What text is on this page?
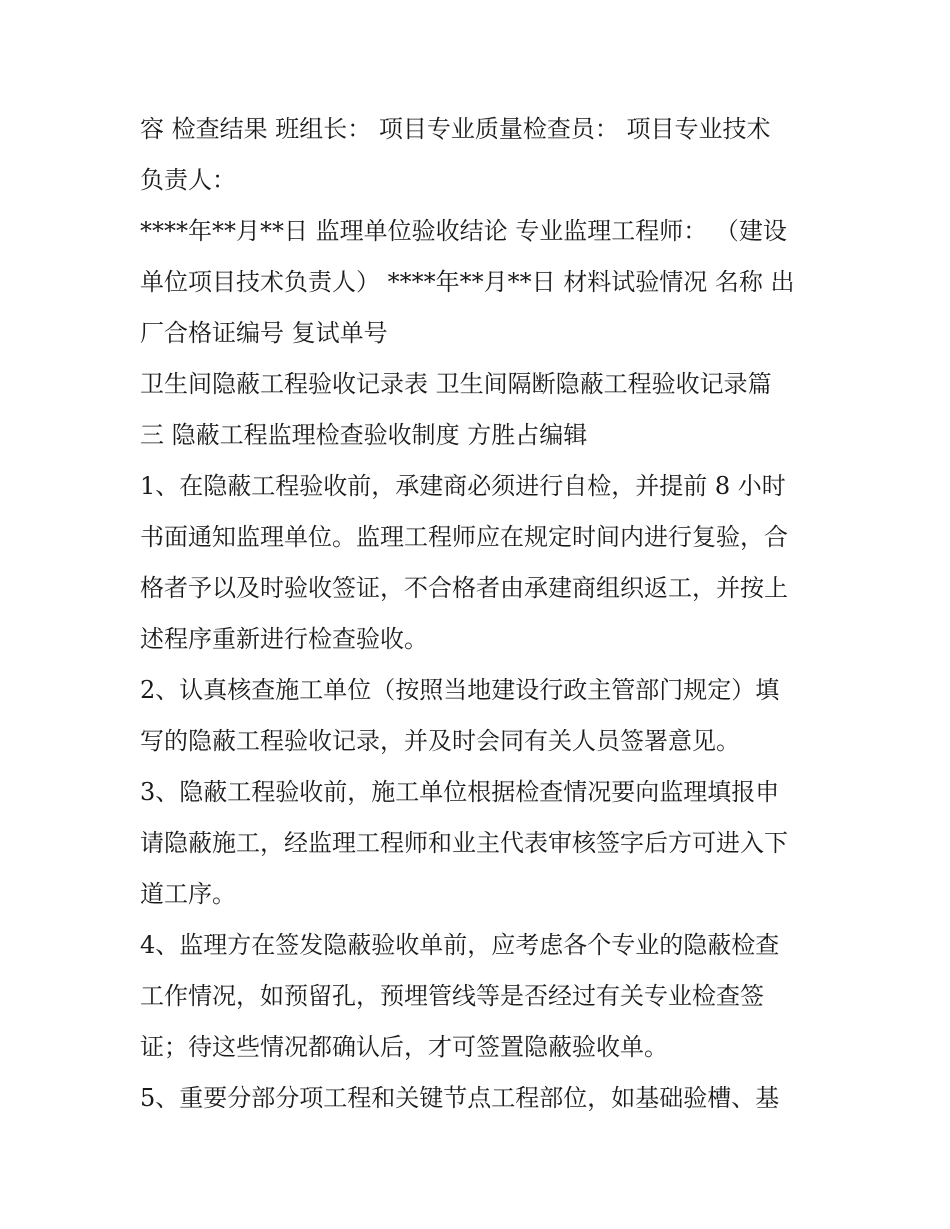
容 检查结果 班组长： 项目专业质量检查员： 项目专业技术
负责人：
****年**月**日 监理单位验收结论 专业监理工程师： （建设
单位项目技术负责人） ****年**月**日 材料试验情况 名称 出
厂合格证编号 复试单号
卫生间隐蔽工程验收记录表 卫生间隔断隐蔽工程验收记录篇
三 隐蔽工程监理检查验收制度 方胜占编辑
1、在隐蔽工程验收前，承建商必须进行自检，并提前 8 小时
书面通知监理单位。监理工程师应在规定时间内进行复验，合
格者予以及时验收签证，不合格者由承建商组织返工，并按上
述程序重新进行检查验收。
2、认真核查施工单位（按照当地建设行政主管部门规定）填
写的隐蔽工程验收记录，并及时会同有关人员签署意见。
3、隐蔽工程验收前，施工单位根据检查情况要向监理填报申
请隐蔽施工，经监理工程师和业主代表审核签字后方可进入下
道工序。
4、监理方在签发隐蔽验收单前，应考虑各个专业的隐蔽检查
工作情况，如预留孔，预埋管线等是否经过有关专业检查签
证；待这些情况都确认后，才可签置隐蔽验收单。
5、重要分部分项工程和关键节点工程部位，如基础验槽、基
